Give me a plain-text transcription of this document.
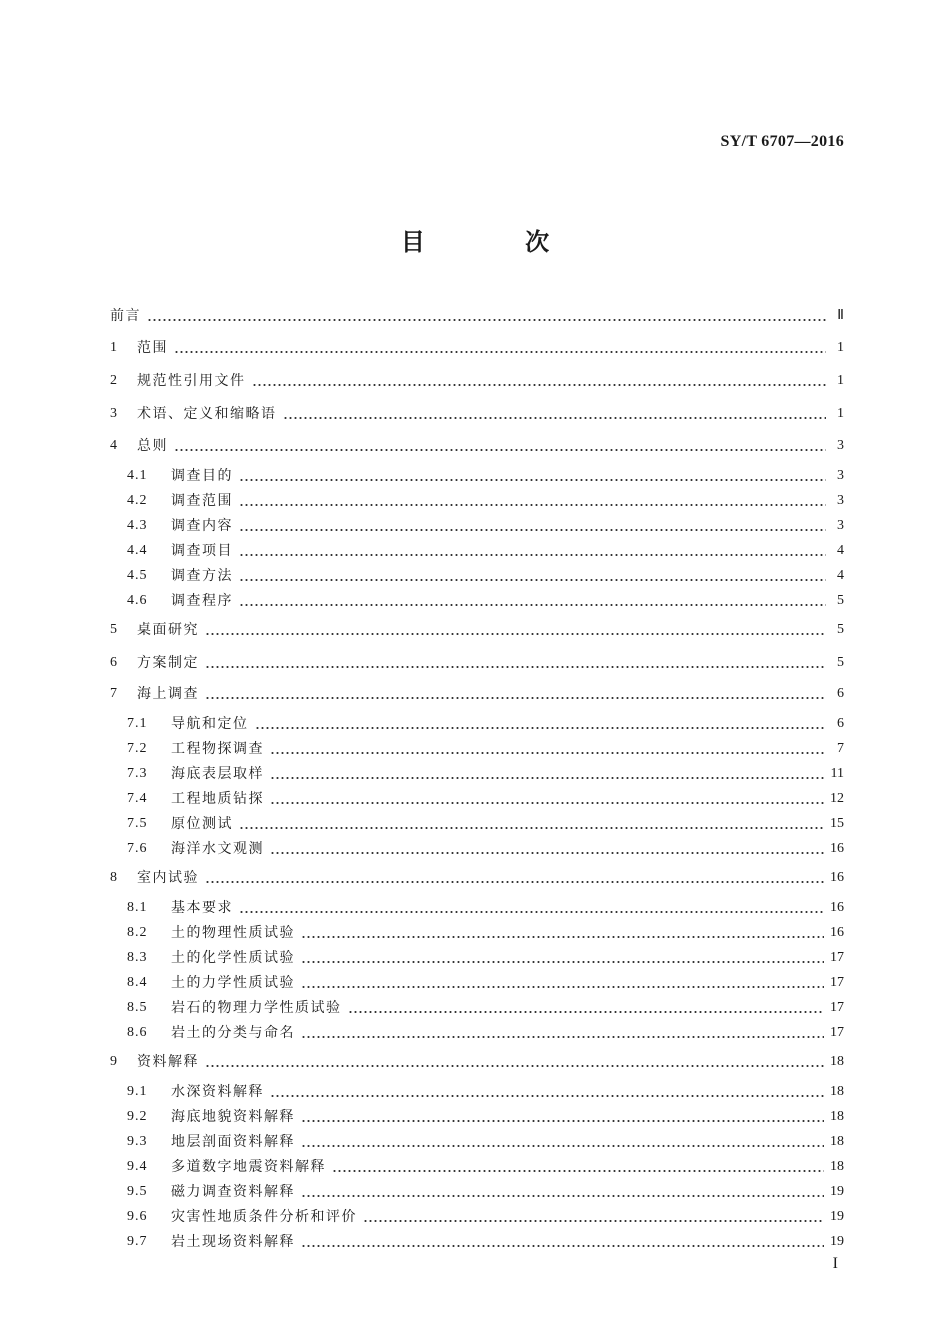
SY/T 6707—2016
目 次
前言	Ⅱ
1	范围	1
2	规范性引用文件	1
3	术语、定义和缩略语	1
4	总则	3
4.1	调查目的	3
4.2	调查范围	3
4.3	调查内容	3
4.4	调查项目	4
4.5	调查方法	4
4.6	调查程序	5
5	桌面研究	5
6	方案制定	5
7	海上调查	6
7.1	导航和定位	6
7.2	工程物探调查	7
7.3	海底表层取样	11
7.4	工程地质钻探	12
7.5	原位测试	15
7.6	海洋水文观测	16
8	室内试验	16
8.1	基本要求	16
8.2	土的物理性质试验	16
8.3	土的化学性质试验	17
8.4	土的力学性质试验	17
8.5	岩石的物理力学性质试验	17
8.6	岩土的分类与命名	17
9	资料解释	18
9.1	水深资料解释	18
9.2	海底地貌资料解释	18
9.3	地层剖面资料解释	18
9.4	多道数字地震资料解释	18
9.5	磁力调查资料解释	19
9.6	灾害性地质条件分析和评价	19
9.7	岩土现场资料解释	19
I
